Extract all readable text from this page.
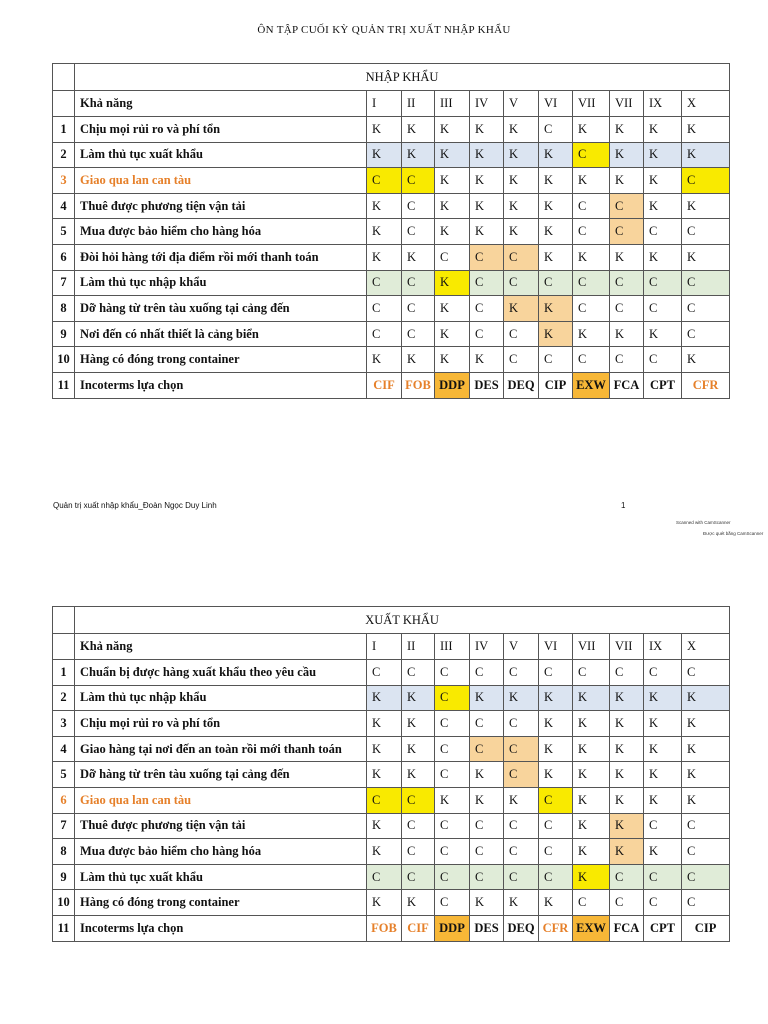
ÔN TẬP CUỐI KỲ QUẢN TRỊ XUẤT NHẬP KHẨU
	NHẬP KHẨU										
	Khả năng	I	II	III	IV	V	VI	VII	VII	IX	X
1	Chịu mọi rủi ro và phí tổn	K	K	K	K	K	C	K	K	K	K
2	Làm thủ tục xuất khẩu	K	K	K	K	K	K	C	K	K	K
3	Giao qua lan can tàu	C	C	K	K	K	K	K	K	K	C
4	Thuê được phương tiện vận tải	K	C	K	K	K	K	C	C	K	K
5	Mua được bảo hiểm cho hàng hóa	K	C	K	K	K	K	C	C	C	C
6	Đòi hỏi hàng tới địa điểm rồi mới thanh toán	K	K	C	C	C	K	K	K	K	K
7	Làm thủ tục nhập khẩu	C	C	K	C	C	C	C	C	C	C
8	Dỡ hàng từ trên tàu xuống tại cảng đến	C	C	K	C	K	K	C	C	C	C
9	Nơi đến có nhất thiết là cảng biển	C	C	K	C	C	K	K	K	K	C
10	Hàng có đóng trong container	K	K	K	K	C	C	C	C	C	K
11	Incoterms lựa chọn	CIF	FOB	DDP	DES	DEQ	CIP	EXW	FCA	CPT	CFR
Quản trị xuất nhập khẩu_Đoàn Ngọc Duy Linh	1
Scanned with CamScanner
Được quét bằng CamScanner
	XUẤT KHẨU										
	Khả năng	I	II	III	IV	V	VI	VII	VII	IX	X
1	Chuẩn bị được hàng xuất khẩu theo yêu cầu	C	C	C	C	C	C	C	C	C	C
2	Làm thủ tục nhập khẩu	K	K	C	K	K	K	K	K	K	K
3	Chịu mọi rủi ro và phí tổn	K	K	C	C	C	K	K	K	K	K
4	Giao hàng tại nơi đến an toàn rồi mới thanh toán	K	K	C	C	C	K	K	K	K	K
5	Dỡ hàng từ trên tàu xuống tại cảng đến	K	K	C	K	C	K	K	K	K	K
6	Giao qua lan can tàu	C	C	K	K	K	C	K	K	K	K
7	Thuê được phương tiện vận tải	K	C	C	C	C	C	K	K	C	C
8	Mua được bảo hiểm cho hàng hóa	K	C	C	C	C	C	K	K	K	C
9	Làm thủ tục xuất khẩu	C	C	C	C	C	C	K	C	C	C
10	Hàng có đóng trong container	K	K	C	K	K	K	C	C	C	C
11	Incoterms lựa chọn	FOB	CIF	DDP	DES	DEQ	CFR	EXW	FCA	CPT	CIP
